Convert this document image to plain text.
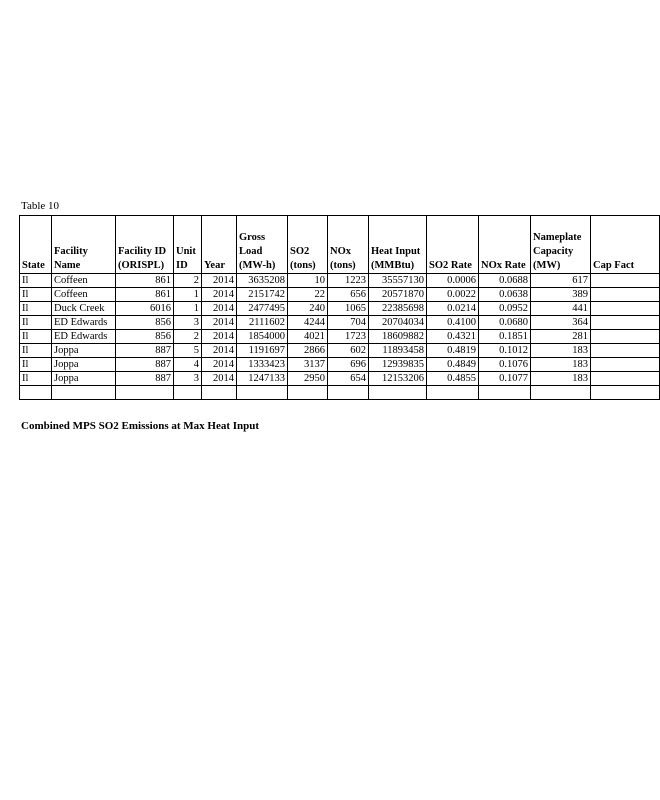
Table 10
State	Facility Name	Facility ID (ORISPL)	Unit ID	Year	Gross Load (MW-h)	SO2 (tons)	NOx (tons)	Heat Input (MMBtu)	SO2 Rate	NOx Rate	Nameplate Capacity (MW)	Cap Fact
Il	Coffeen	861	2	2014	3635208	10	1223	35557130	0.0006	0.0688	617	
Il	Coffeen	861	1	2014	2151742	22	656	20571870	0.0022	0.0638	389	
Il	Duck Creek	6016	1	2014	2477495	240	1065	22385698	0.0214	0.0952	441	
Il	ED Edwards	856	3	2014	2111602	4244	704	20704034	0.4100	0.0680	364	
Il	ED Edwards	856	2	2014	1854000	4021	1723	18609882	0.4321	0.1851	281	
Il	Joppa	887	5	2014	1191697	2866	602	11893458	0.4819	0.1012	183	
Il	Joppa	887	4	2014	1333423	3137	696	12939835	0.4849	0.1076	183	
Il	Joppa	887	3	2014	1247133	2950	654	12153206	0.4855	0.1077	183	

Combined MPS SO2 Emissions at Max Heat Input
